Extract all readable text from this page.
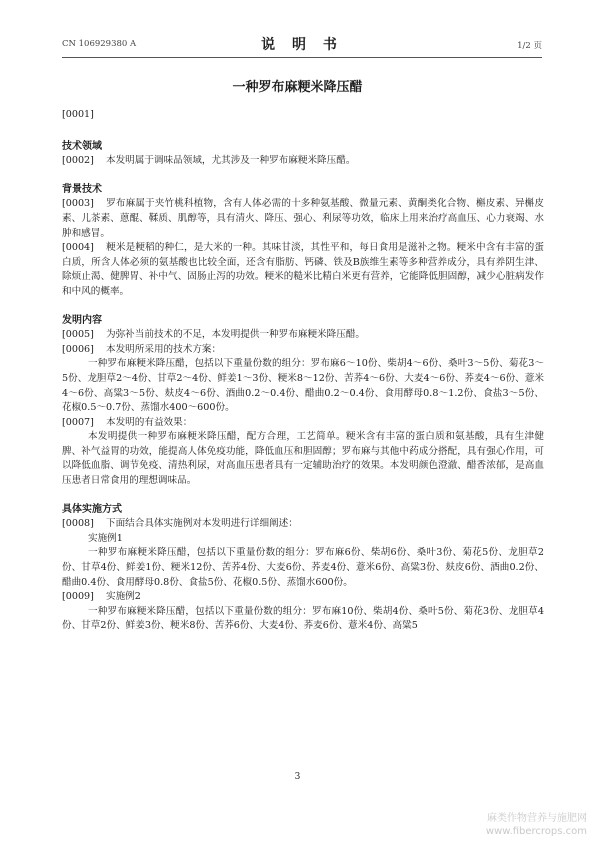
CN 106929380 A	说 明 书	1/2 页
一种罗布麻粳米降压醋

[0001]

技术领域

[0002] 本发明属于调味品领域，尤其涉及一种罗布麻粳米降压醋。

背景技术

[0003] 罗布麻属于夹竹桃科植物，含有人体必需的十多种氨基酸、微量元素、黄酮类化合物、槲皮素、异槲皮素、儿茶素、蒽醌、鞣质、肌醇等，具有清火、降压、强心、利尿等功效，临床上用来治疗高血压、心力衰竭、水肿和感冒。

[0004] 粳米是粳稻的种仁，是大米的一种。其味甘淡，其性平和，每日食用是滋补之物。粳米中含有丰富的蛋白质，所含人体必须的氨基酸也比较全面，还含有脂肪、钙磷、铁及B族维生素等多种营养成分，具有养阴生津、除烦止渴、健脾胃、补中气、固肠止泻的功效。粳米的糙米比精白米更有营养，它能降低胆固醇，减少心脏病发作和中风的概率。

发明内容

[0005] 为弥补当前技术的不足，本发明提供一种罗布麻粳米降压醋。

[0006] 本发明所采用的技术方案：

一种罗布麻粳米降压醋，包括以下重量份数的组分：罗布麻6～10份、柴胡4～6份、桑叶3～5份、菊花3～5份、龙胆草2～4份、甘草2～4份、鲜姜1～3份、粳米8～12份、苦荞4～6份、大麦4～6份、荞麦4～6份、薏米4～6份、高粱3～5份、麸皮4～6份、酒曲0.2～0.4份、醋曲0.2～0.4份、食用酵母0.8～1.2份、食盐3～5份、花椒0.5～0.7份、蒸馏水400～600份。

[0007] 本发明的有益效果：

本发明提供一种罗布麻粳米降压醋，配方合理，工艺简单。粳米含有丰富的蛋白质和氨基酸，具有生津健脾、补气益胃的功效，能提高人体免疫功能，降低血压和胆固醇；罗布麻与其他中药成分搭配，具有强心作用，可以降低血脂、调节免疫、清热利尿，对高血压患者具有一定辅助治疗的效果。本发明颜色澄澈、醋香浓郁，是高血压患者日常食用的理想调味品。

具体实施方式

[0008] 下面结合具体实施例对本发明进行详细阐述：

实施例1

一种罗布麻粳米降压醋，包括以下重量份数的组分：罗布麻6份、柴胡6份、桑叶3份、菊花5份、龙胆草2份、甘草4份、鲜姜1份、粳米12份、苦荞4份、大麦6份、荞麦4份、薏米6份、高粱3份、麸皮6份、酒曲0.2份、醋曲0.4份、食用酵母0.8份、食盐5份、花椒0.5份、蒸馏水600份。

[0009] 实施例2

一种罗布麻粳米降压醋，包括以下重量份数的组分：罗布麻10份、柴胡4份、桑叶5份、菊花3份、龙胆草4份、甘草2份、鲜姜3份、粳米8份、苦荞6份、大麦4份、荞麦6份、薏米4份、高粱5

3
麻类作物营养与施肥网
www.fibercrops.com
